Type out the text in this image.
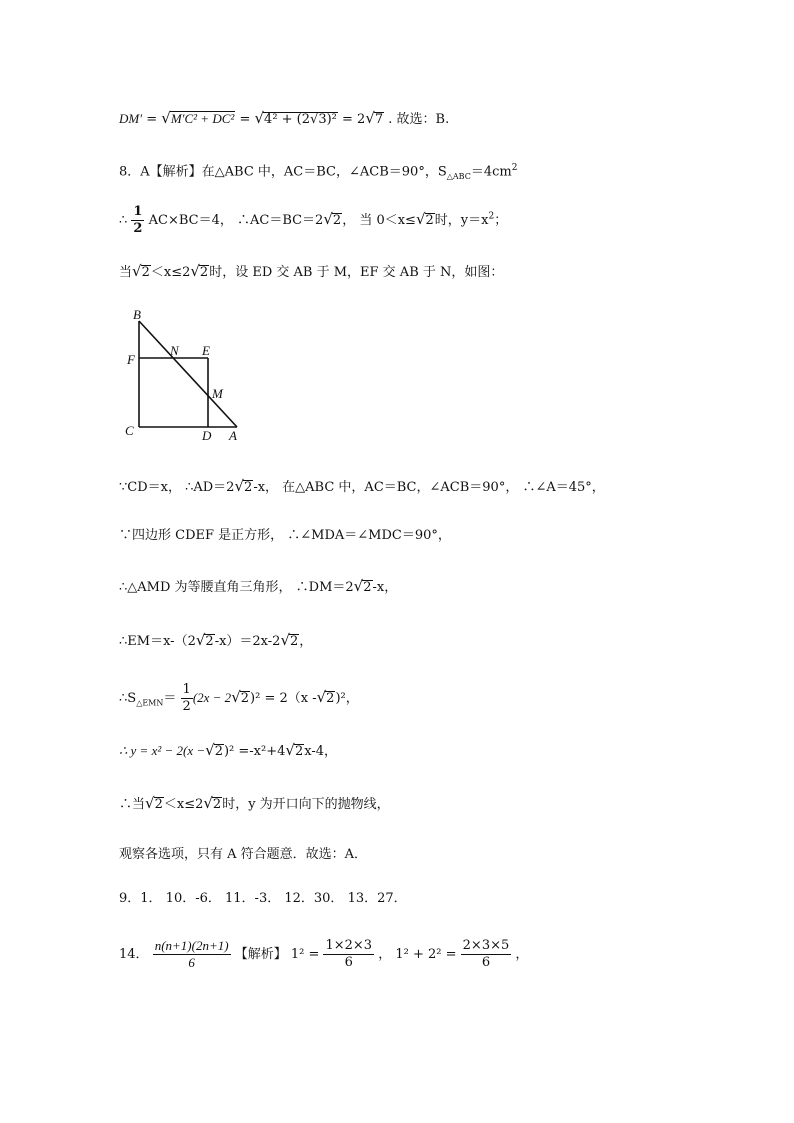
DM′ = √M′C² + DC² = √4² + (2√3)² = 2√7 . 故选：B.
8．A【解析】在△ABC 中，AC＝BC，∠ACB＝90°，$S_{\triangle ABC}=4cm^2$
∴ $\frac{1}{2} AC\times BC=4$， ∴AC＝BC＝2√2， 当 0＜x≤√2时，$y=x^2$；
当√2＜x≤2√2时，设 ED 交 AB 于 M，EF 交 AB 于 N，如图：
B
N E
F
M
C	D A
∵CD＝x， ∴AD＝2√2-x， 在△ABC 中，AC＝BC，∠ACB＝90°， ∴∠A＝45°，
∵四边形 CDEF 是正方形， ∴∠MDA＝∠MDC＝90°，
∴△AMD 为等腰直角三角形， ∴DM＝2√2-x，
∴EM＝x-（2√2-x）＝2x-2√2，
$\therefore S_{\triangle EMN}= \frac{1}{2} (2x - 2√2)^2 = 2(x$ -√2)²，
∴ y = x² − 2(x −√2)² =-x²+4√2x-4，
∴当√2＜x≤2√2时，y 为开口向下的抛物线，
观察各选项，只有 A 符合题意．故选：A．
9．1． 10．-6． 11．-3． 12．30． 13．27．
14． $\frac{n(n+1)(2n+1)}{6}$ 【解析】 $1^2 = \frac{1\times 2\times 3}{6}$ ， $1^2 + 2^2 = \frac{2\times 3\times 5}{6}$ ，
